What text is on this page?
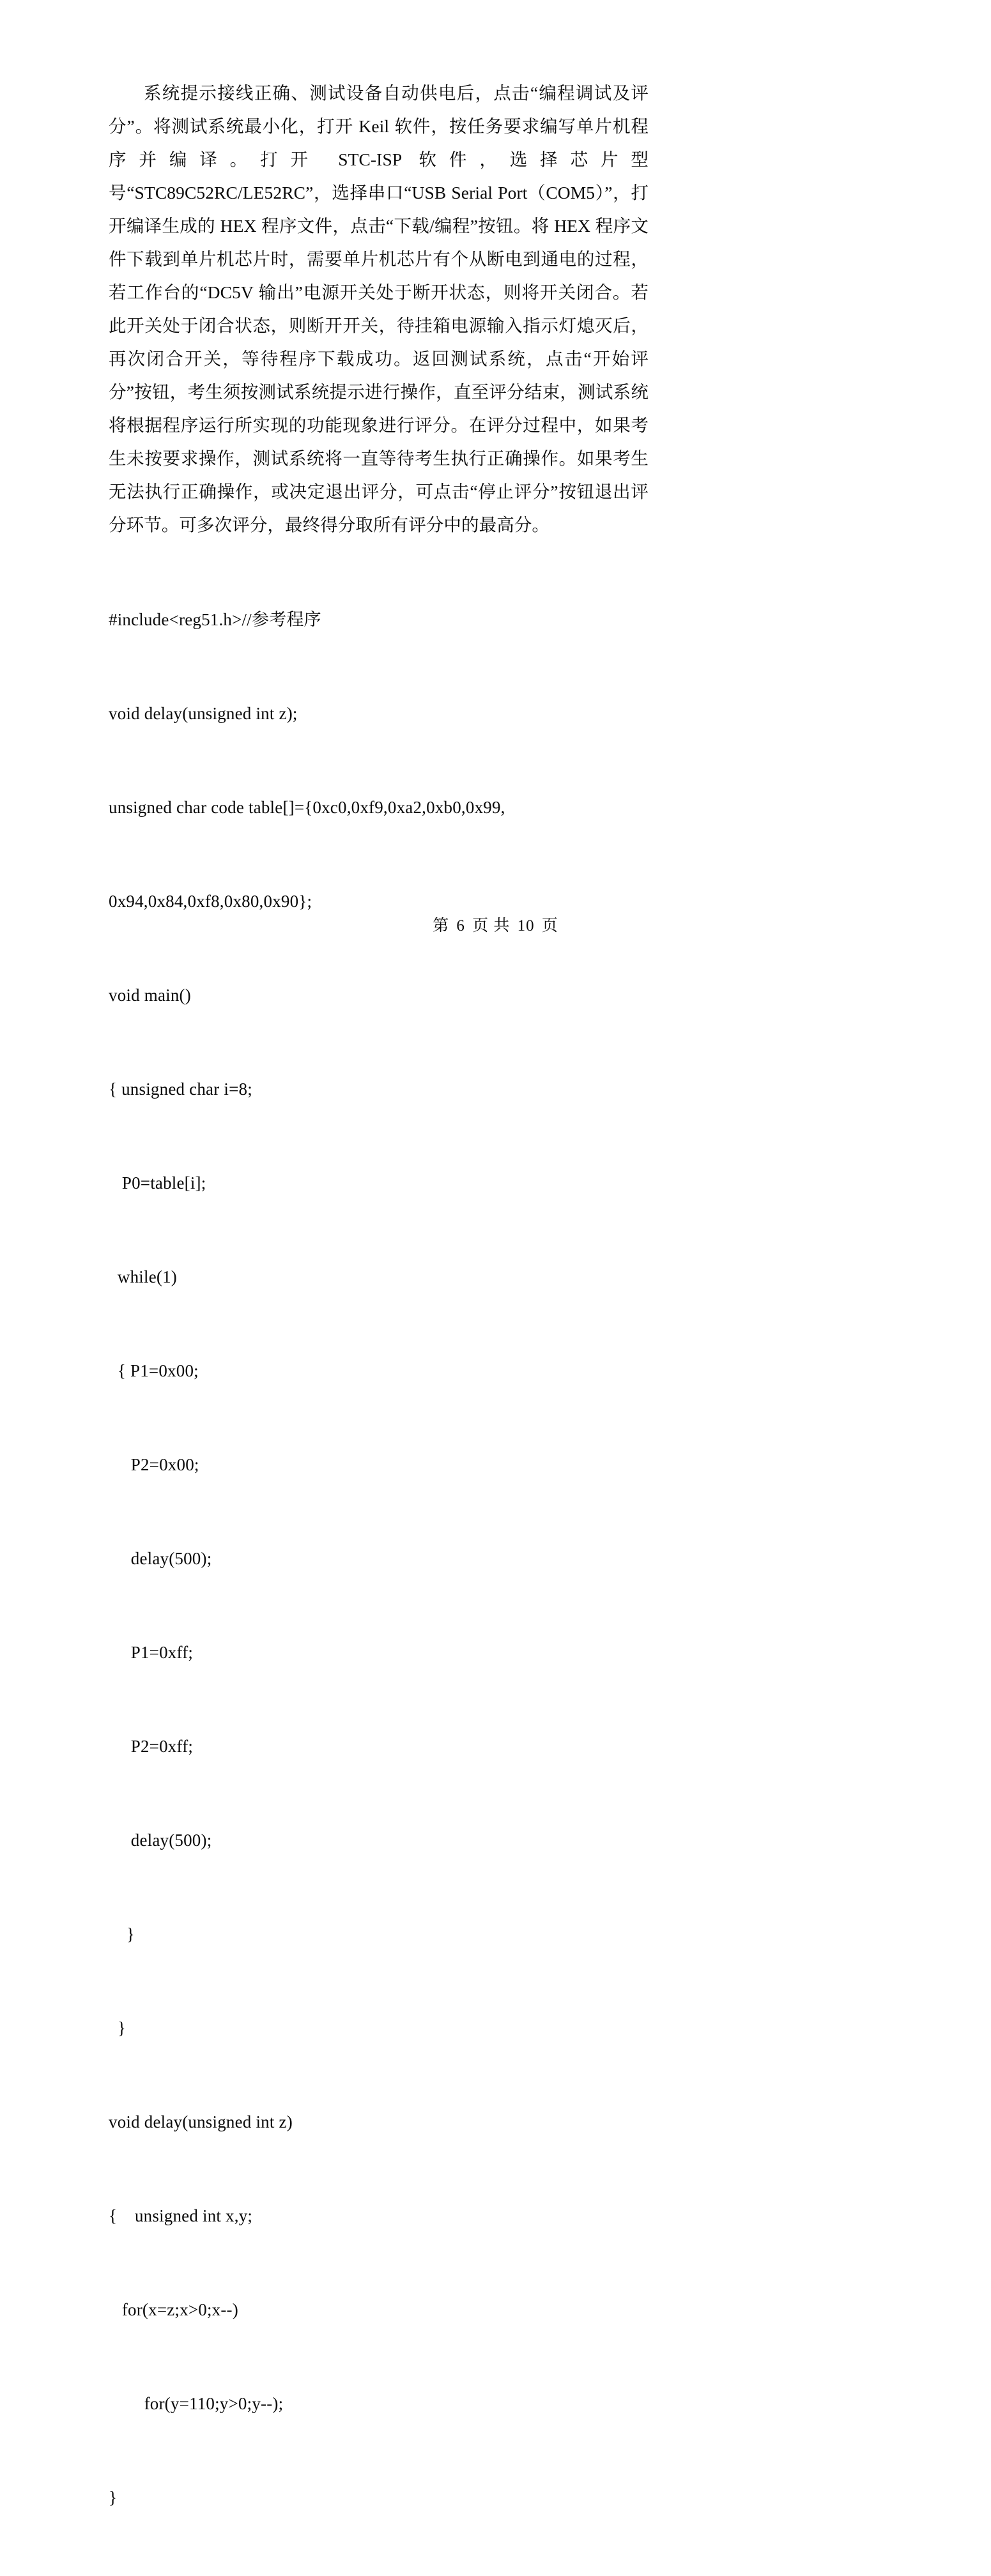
系统提示接线正确、测试设备自动供电后，点击“编程调试及评分”。将测试系统最小化，打开 Keil 软件，按任务要求编写单片机程序并编译。打开 STC-ISP 软件，选择芯片型号“STC89C52RC/LE52RC”，选择串口“USB Serial Port（COM5）”，打开编译生成的 HEX 程序文件，点击“下载/编程”按钮。将 HEX 程序文件下载到单片机芯片时，需要单片机芯片有个从断电到通电的过程，若工作台的“DC5V 输出”电源开关处于断开状态，则将开关闭合。若此开关处于闭合状态，则断开开关，待挂箱电源输入指示灯熄灭后，再次闭合开关，等待程序下载成功。返回测试系统，点击“开始评分”按钮，考生须按测试系统提示进行操作，直至评分结束，测试系统将根据程序运行所实现的功能现象进行评分。在评分过程中，如果考生未按要求操作，测试系统将一直等待考生执行正确操作。如果考生无法执行正确操作，或决定退出评分，可点击“停止评分”按钮退出评分环节。可多次评分，最终得分取所有评分中的最高分。

#include<reg51.h>//参考程序

void delay(unsigned int z);

unsigned char code table[]={0xc0,0xf9,0xa2,0xb0,0x99,

0x94,0x84,0xf8,0x80,0x90};

void main()

{ unsigned char i=8;

P0=table[i];

while(1)

{ P1=0x00;

P2=0x00;

delay(500);

P1=0xff;

P2=0xff;

delay(500);

}

}

void delay(unsigned int z)

{    unsigned int x,y;

for(x=z;x>0;x--)

for(y=110;y>0;y--);

}

第 6 页 共 10 页
